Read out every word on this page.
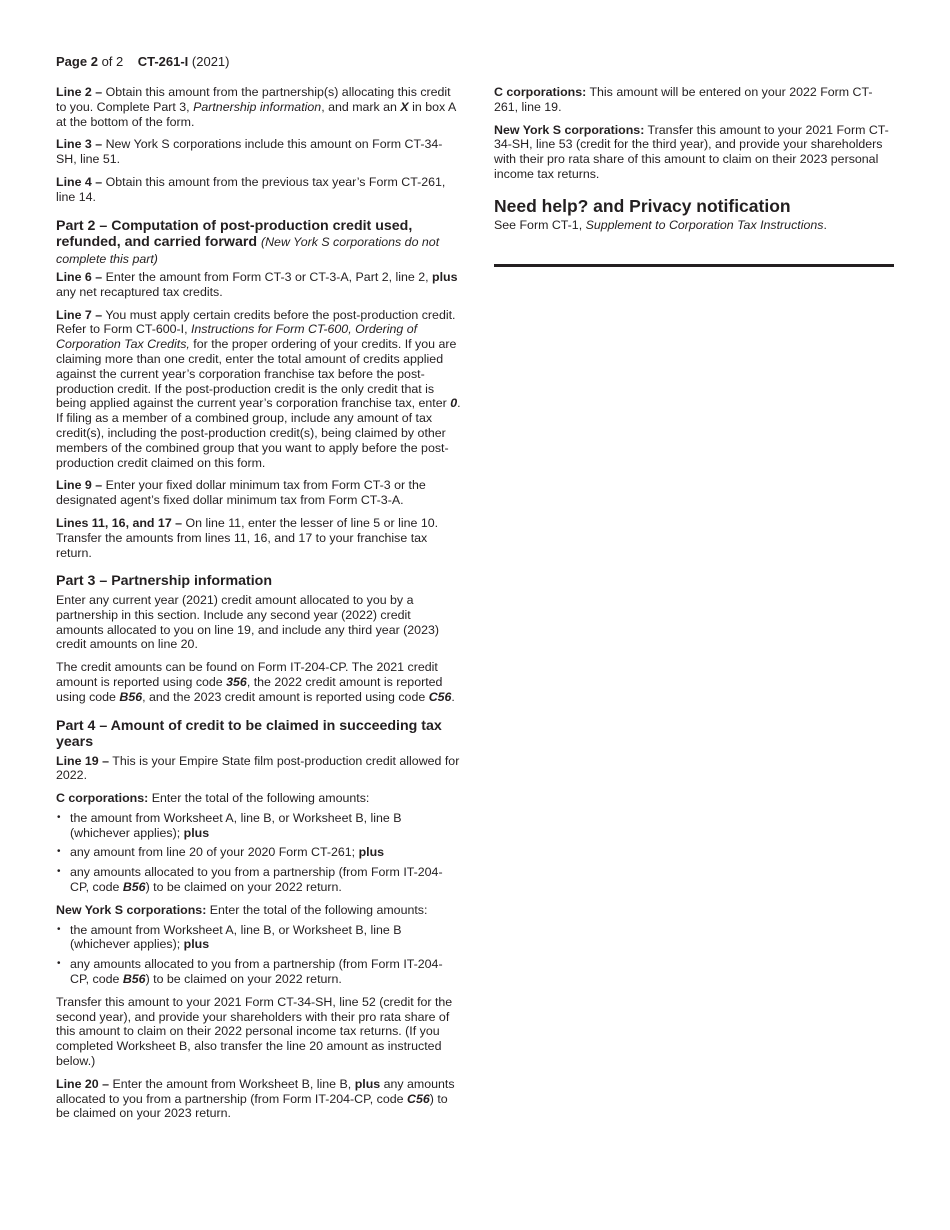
Page 2 of 2 CT-261-I (2021)

Line 2 – Obtain this amount from the partnership(s) allocating this credit to you. Complete Part 3, Partnership information, and mark an X in box A at the bottom of the form.

Line 3 – New York S corporations include this amount on Form CT-34-SH, line 51.

Line 4 – Obtain this amount from the previous tax year’s Form CT-261, line 14.

Part 2 – Computation of post-production credit used, refunded, and carried forward (New York S corporations do not complete this part)

Line 6 – Enter the amount from Form CT-3 or CT-3-A, Part 2, line 2, plus any net recaptured tax credits.

Line 7 – You must apply certain credits before the post-production credit. Refer to Form CT-600-I, Instructions for Form CT-600, Ordering of Corporation Tax Credits, for the proper ordering of your credits. If you are claiming more than one credit, enter the total amount of credits applied against the current year’s corporation franchise tax before the post-production credit. If the post-production credit is the only credit that is being applied against the current year’s corporation franchise tax, enter 0. If filing as a member of a combined group, include any amount of tax credit(s), including the post-production credit(s), being claimed by other members of the combined group that you want to apply before the post-production credit claimed on this form.

Line 9 – Enter your fixed dollar minimum tax from Form CT-3 or the designated agent’s fixed dollar minimum tax from Form CT-3-A.

Lines 11, 16, and 17 – On line 11, enter the lesser of line 5 or line 10. Transfer the amounts from lines 11, 16, and 17 to your franchise tax return.

Part 3 – Partnership information

Enter any current year (2021) credit amount allocated to you by a partnership in this section. Include any second year (2022) credit amounts allocated to you on line 19, and include any third year (2023) credit amounts on line 20.

The credit amounts can be found on Form IT-204-CP. The 2021 credit amount is reported using code 356, the 2022 credit amount is reported using code B56, and the 2023 credit amount is reported using code C56.

Part 4 – Amount of credit to be claimed in succeeding tax years

Line 19 – This is your Empire State film post-production credit allowed for 2022.

C corporations: Enter the total of the following amounts:

• the amount from Worksheet A, line B, or Worksheet B, line B (whichever applies); plus
• any amount from line 20 of your 2020 Form CT-261; plus
• any amounts allocated to you from a partnership (from Form IT-204-CP, code B56) to be claimed on your 2022 return.

New York S corporations: Enter the total of the following amounts:

• the amount from Worksheet A, line B, or Worksheet B, line B (whichever applies); plus
• any amounts allocated to you from a partnership (from Form IT-204-CP, code B56) to be claimed on your 2022 return.

Transfer this amount to your 2021 Form CT-34-SH, line 52 (credit for the second year), and provide your shareholders with their pro rata share of this amount to claim on their 2022 personal income tax returns. (If you completed Worksheet B, also transfer the line 20 amount as instructed below.)

Line 20 – Enter the amount from Worksheet B, line B, plus any amounts allocated to you from a partnership (from Form IT-204-CP, code C56) to be claimed on your 2023 return.

C corporations: This amount will be entered on your 2022 Form CT-261, line 19.

New York S corporations: Transfer this amount to your 2021 Form CT-34-SH, line 53 (credit for the third year), and provide your shareholders with their pro rata share of this amount to claim on their 2023 personal income tax returns.

Need help? and Privacy notification

See Form CT-1, Supplement to Corporation Tax Instructions.
